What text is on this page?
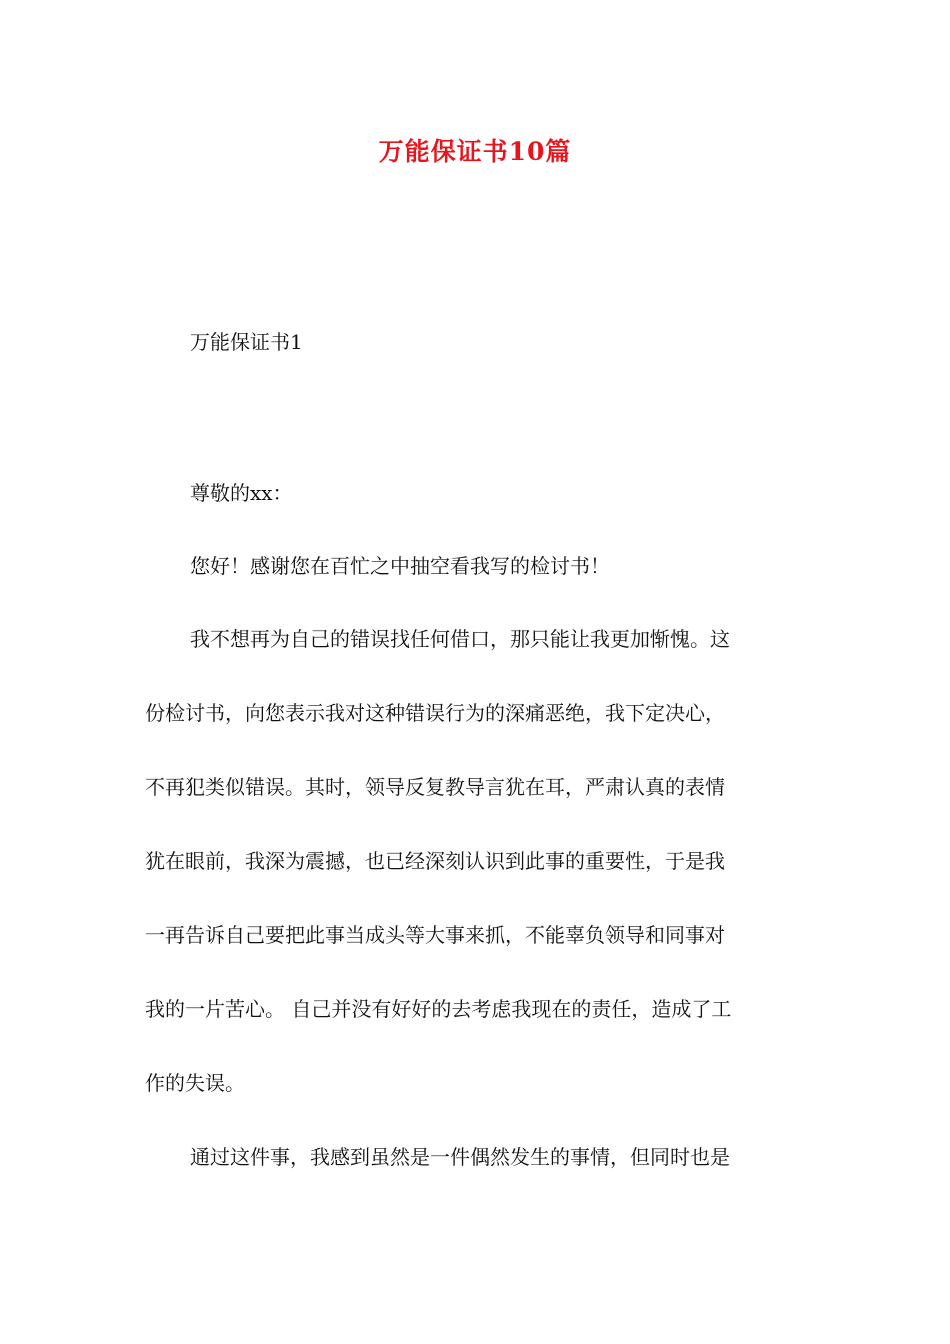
万能保证书10篇
万能保证书1
尊敬的xx：
您好！感谢您在百忙之中抽空看我写的检讨书！
我不想再为自己的错误找任何借口，那只能让我更加惭愧。这
份检讨书，向您表示我对这种错误行为的深痛恶绝，我下定决心，
不再犯类似错误。其时，领导反复教导言犹在耳，严肃认真的表情
犹在眼前，我深为震撼，也已经深刻认识到此事的重要性，于是我
一再告诉自己要把此事当成头等大事来抓，不能辜负领导和同事对
我的一片苦心。 自己并没有好好的去考虑我现在的责任，造成了工
作的失误。
通过这件事，我感到虽然是一件偶然发生的事情，但同时也是
